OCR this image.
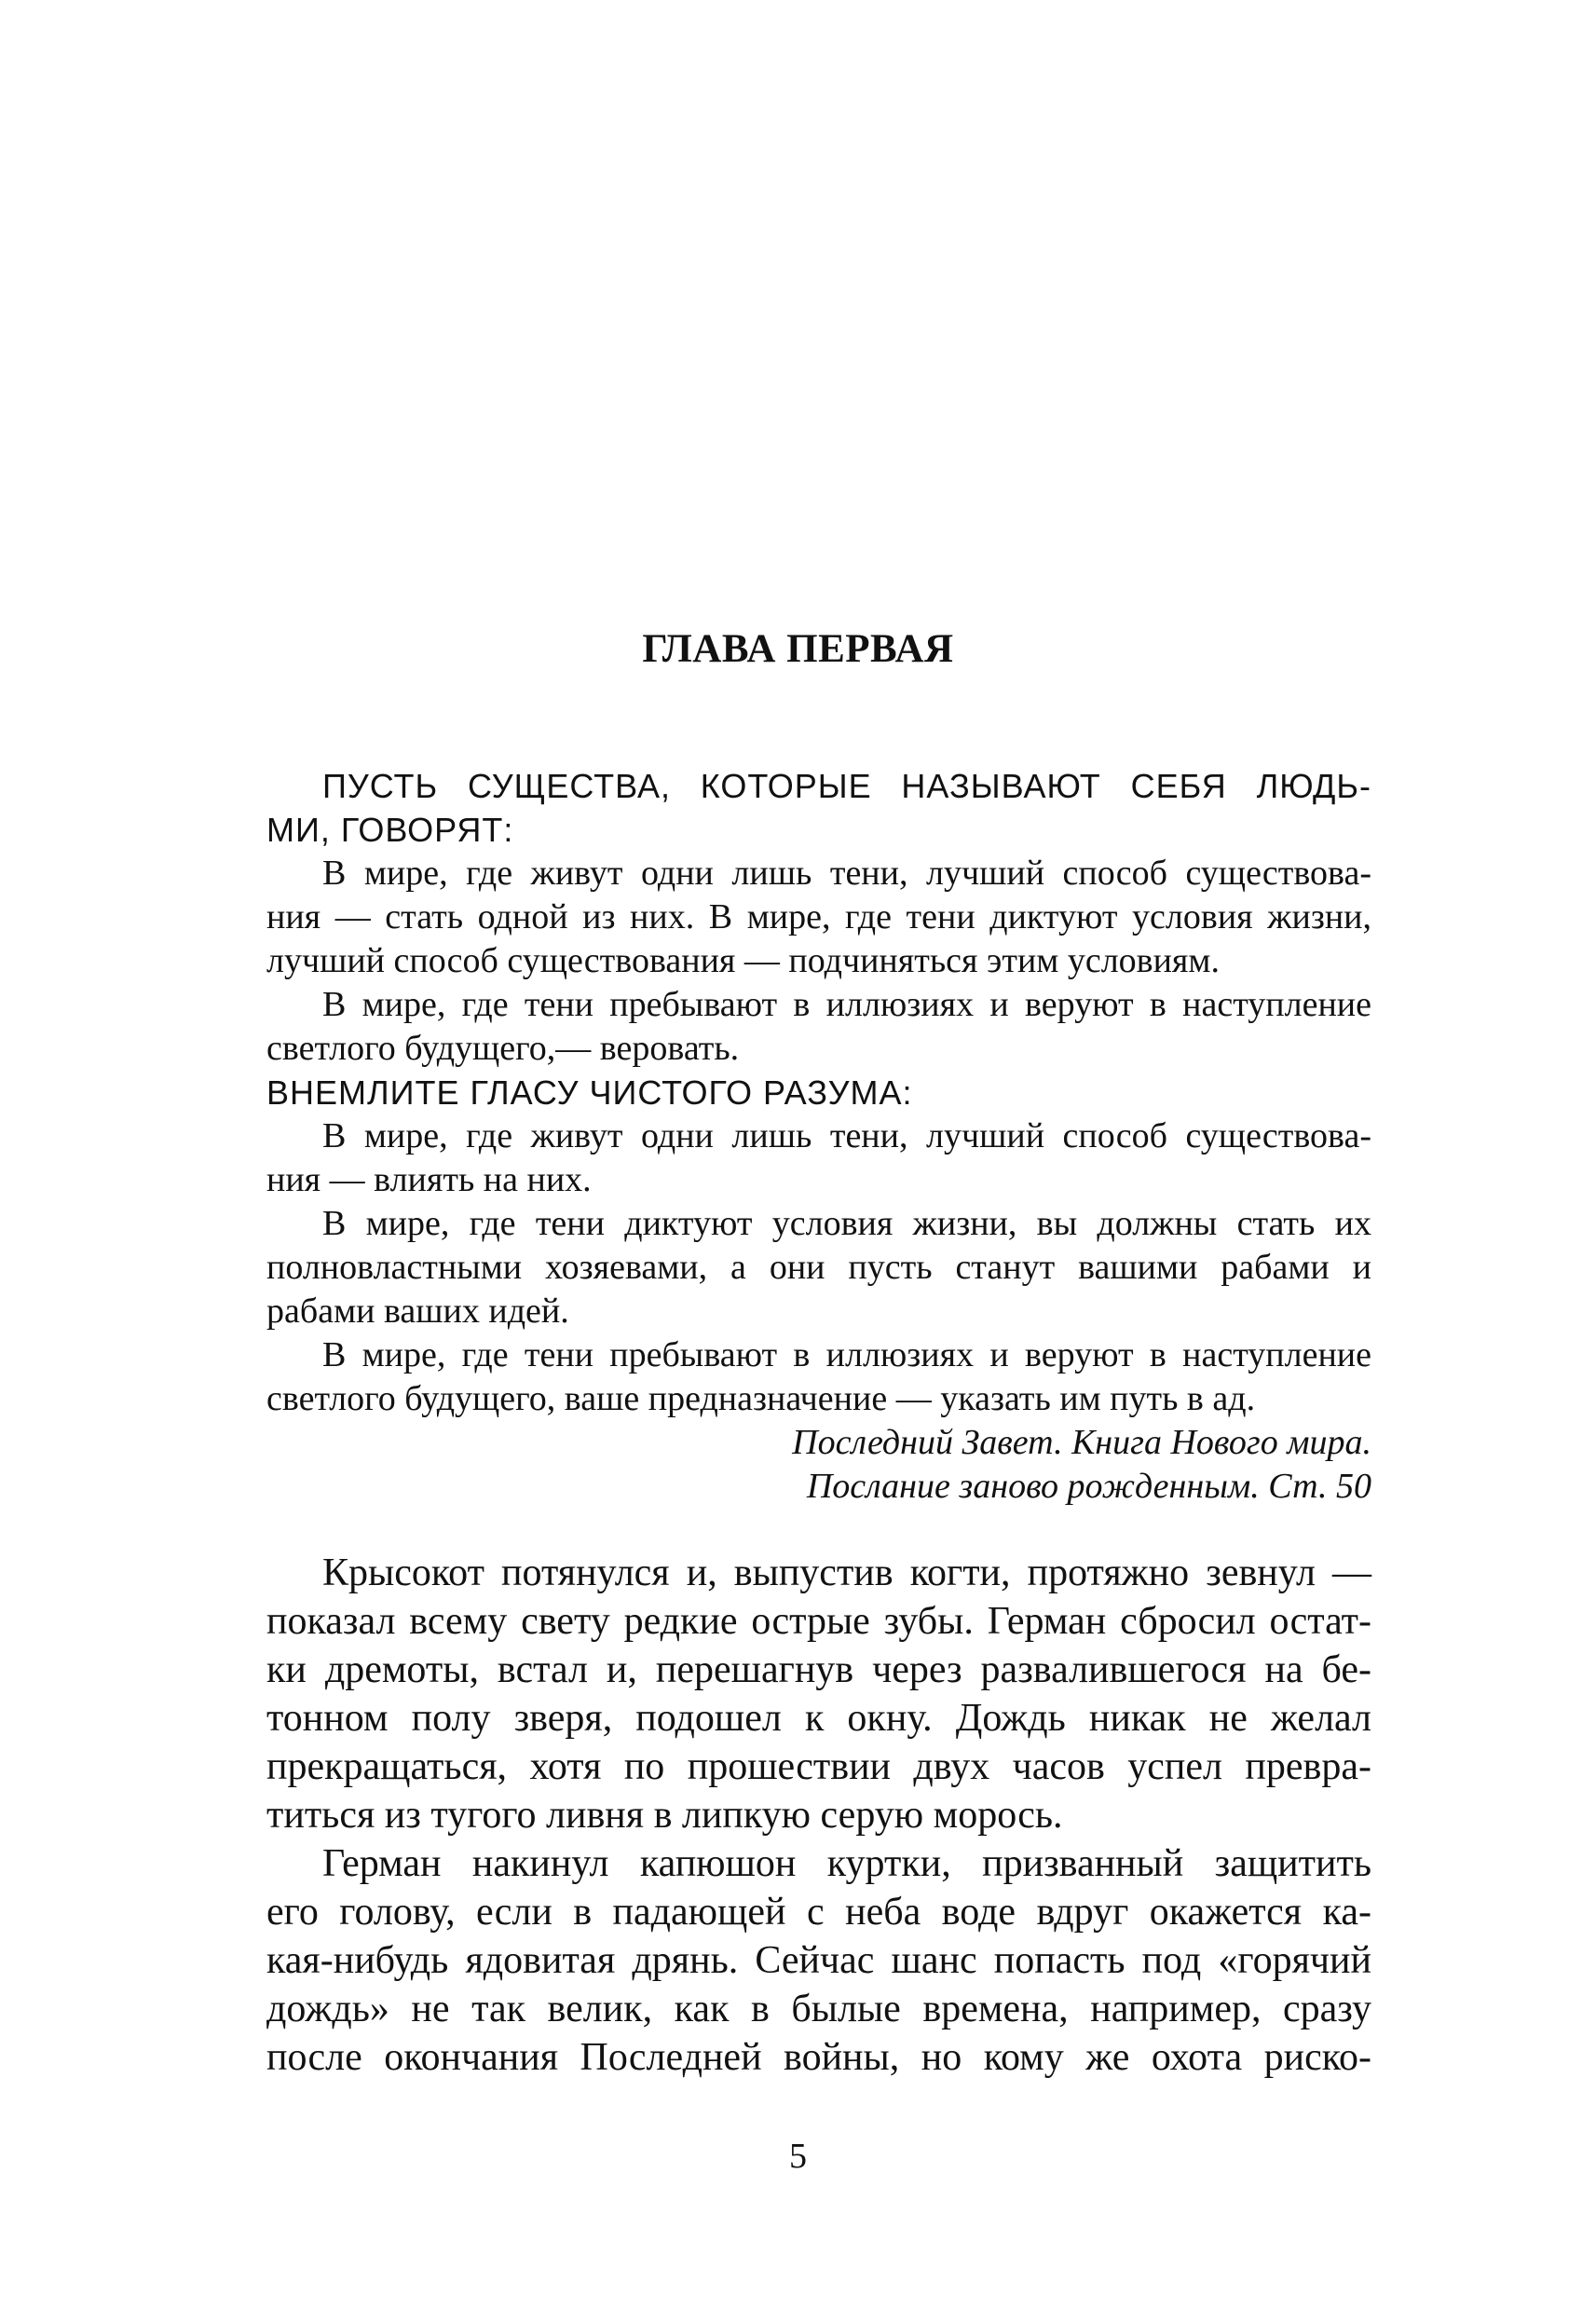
ГЛАВА ПЕРВАЯ

ПУСТЬ СУЩЕСТВА, КОТОРЫЕ НАЗЫВАЮТ СЕБЯ ЛЮДЬ-

МИ, ГОВОРЯТ:

В мире, где живут одни лишь тени, лучший способ существова-

ния — стать одной из них. В мире, где тени диктуют условия жизни,

лучший способ существования — подчиняться этим условиям.

В мире, где тени пребывают в иллюзиях и веруют в наступление

светлого будущего,— веровать.

ВНЕМЛИТЕ ГЛАСУ ЧИСТОГО РАЗУМА:

В мире, где живут одни лишь тени, лучший способ существова-

ния — влиять на них.

В мире, где тени диктуют условия жизни, вы должны стать их

полновластными хозяевами, а они пусть станут вашими рабами и

рабами ваших идей.

В мире, где тени пребывают в иллюзиях и веруют в наступление

светлого будущего, ваше предназначение — указать им путь в ад.

Последний Завет. Книга Нового мира.

Послание заново рожденным. Ст. 50

Крысокот потянулся и, выпустив когти, протяжно зевнул —

показал всему свету редкие острые зубы. Герман сбросил остат-

ки дремоты, встал и, перешагнув через развалившегося на бе-

тонном полу зверя, подошел к окну. Дождь никак не желал

прекращаться, хотя по прошествии двух часов успел превра-

титься из тугого ливня в липкую серую морось.

Герман накинул капюшон куртки, призванный защитить

его голову, если в падающей с неба воде вдруг окажется ка-

кая-нибудь ядовитая дрянь. Сейчас шанс попасть под «горячий

дождь» не так велик, как в былые времена, например, сразу

после окончания Последней войны, но кому же охота риско-

5
